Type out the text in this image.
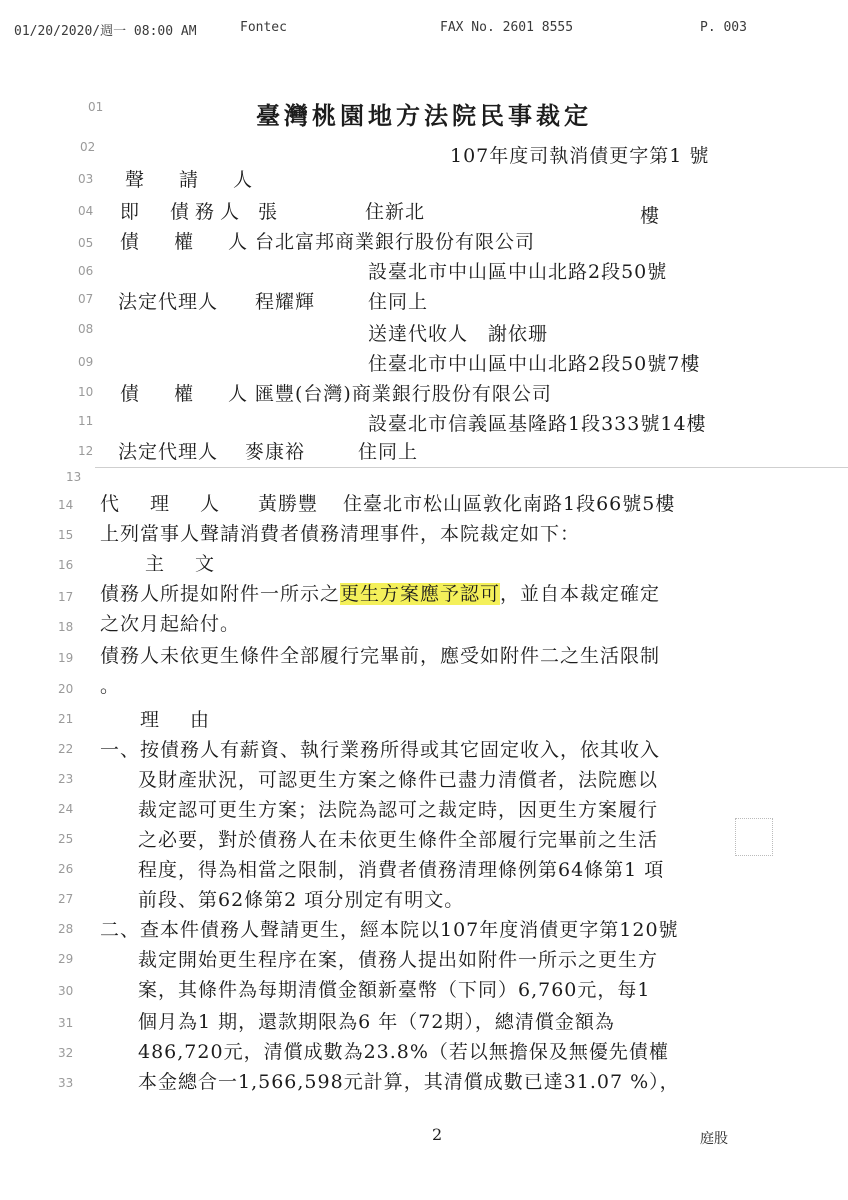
01/20/2020/週一 08:00 AM	Fontec	FAX No. 2601 8555	P. 003
臺灣桃園地方法院民事裁定
107年度司執消債更字第1 號
01
02
03
04
05
06
07
08
09
10
11
12
13
14
15
16
17
18
19
20
21
22
23
24
25
26
27
28
29
30
31
32
33
聲　請　人
即　債務人 張　　　 住新北	樓
債　權　人 台北富邦商業銀行股份有限公司
設臺北市中山區中山北路2段50號
法定代理人 程耀輝	住同上
送達代收人　謝依珊
住臺北市中山區中山北路2段50號7樓
債　權　人 匯豐(台灣)商業銀行股份有限公司
設臺北市信義區基隆路1段333號14樓
法定代理人 麥康裕	住同上
代　理　人 黃勝豐 住臺北市松山區敦化南路1段66號5樓
上列當事人聲請消費者債務清理事件，本院裁定如下：
主　文
債務人所提如附件一所示之更生方案應予認可，並自本裁定確定
之次月起給付。
債務人未依更生條件全部履行完畢前，應受如附件二之生活限制
。
理　由
一、按債務人有薪資、執行業務所得或其它固定收入，依其收入
及財產狀況，可認更生方案之條件已盡力清償者，法院應以
裁定認可更生方案；法院為認可之裁定時，因更生方案履行
之必要，對於債務人在未依更生條件全部履行完畢前之生活
程度，得為相當之限制，消費者債務清理條例第64條第1 項
前段、第62條第2 項分別定有明文。
二、查本件債務人聲請更生，經本院以107年度消債更字第120號
裁定開始更生程序在案，債務人提出如附件一所示之更生方
案，其條件為每期清償金額新臺幣（下同）6,760元，每1
個月為1 期，還款期限為6 年（72期），總清償金額為
486,720元，清償成數為23.8%（若以無擔保及無優先債權
本金總合一1,566,598元計算，其清償成數已達31.07 %），
2	庭股
